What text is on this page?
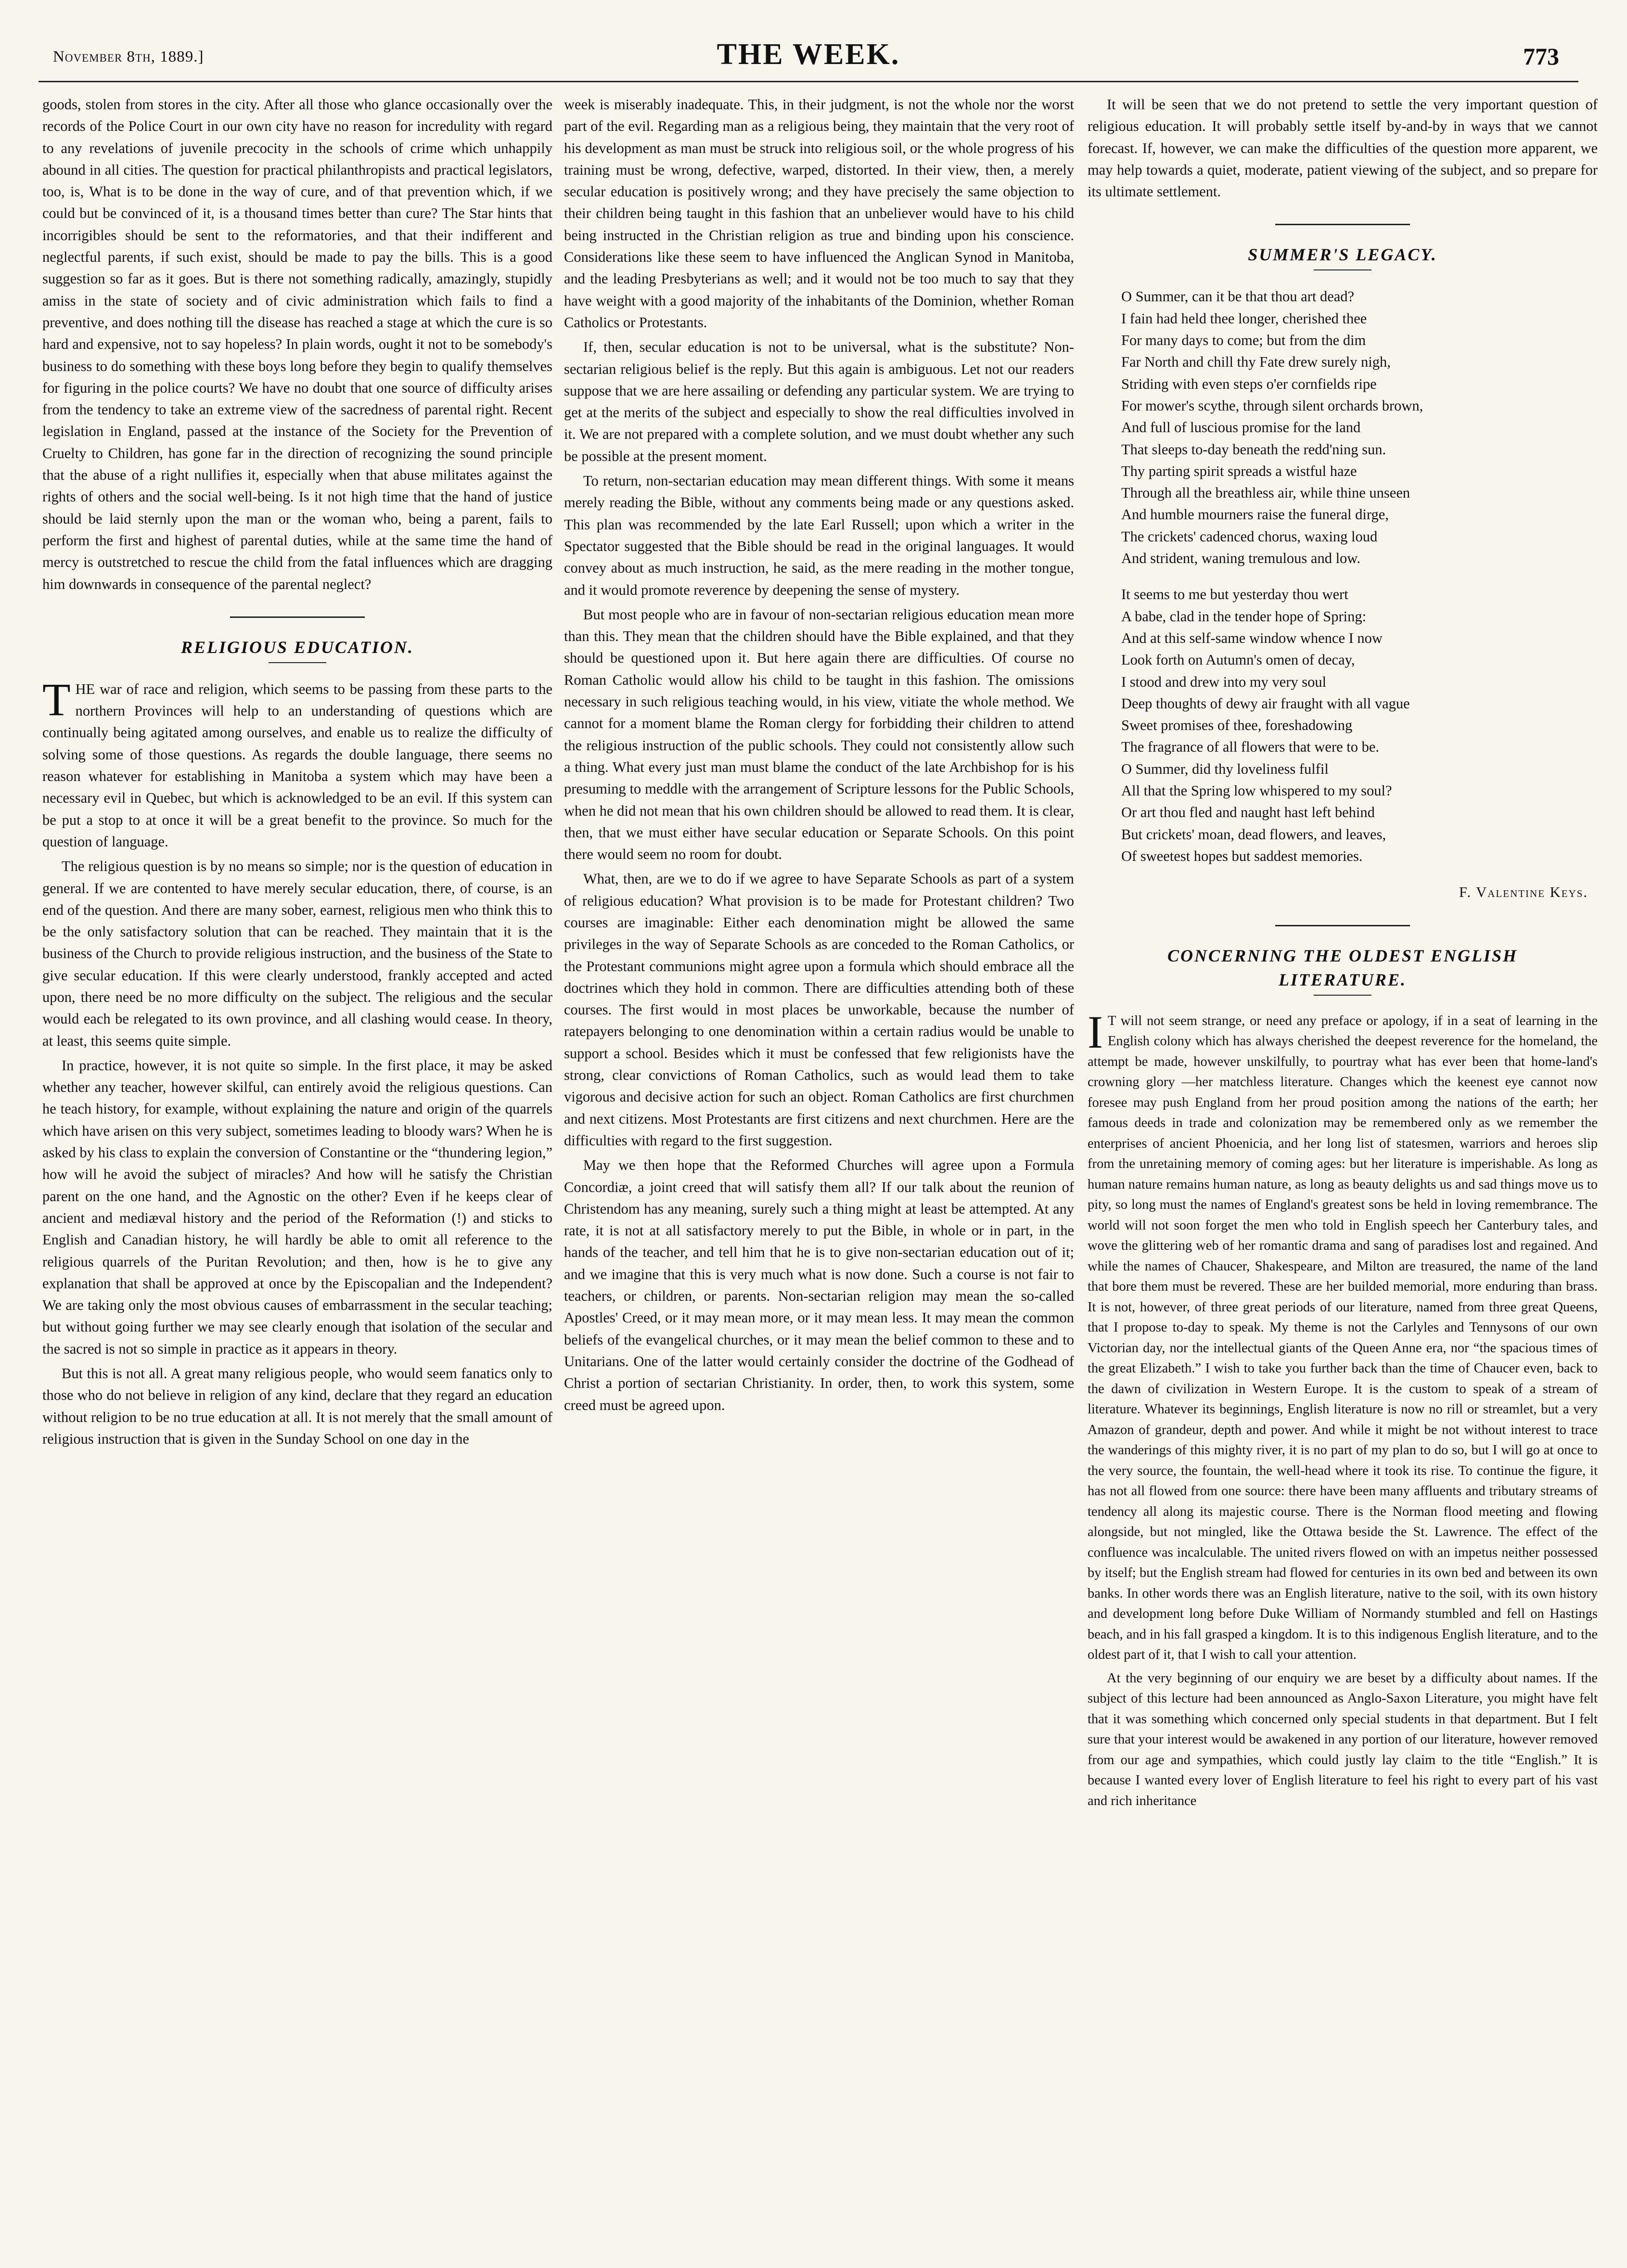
November 8th, 1889.]	THE WEEK.	773

goods, stolen from stores in the city. After all those who glance occasionally over the records of the Police Court in our own city have no reason for incredulity with regard to any revelations of juvenile precocity in the schools of crime which unhappily abound in all cities. The question for practical philanthropists and practical legislators, too, is, What is to be done in the way of cure, and of that prevention which, if we could but be convinced of it, is a thousand times better than cure? The Star hints that incorrigibles should be sent to the reformatories, and that their indifferent and neglectful parents, if such exist, should be made to pay the bills. This is a good suggestion so far as it goes. But is there not something radically, amazingly, stupidly amiss in the state of society and of civic administration which fails to find a preventive, and does nothing till the disease has reached a stage at which the cure is so hard and expensive, not to say hopeless? In plain words, ought it not to be somebody's business to do something with these boys long before they begin to qualify themselves for figuring in the police courts? We have no doubt that one source of difficulty arises from the tendency to take an extreme view of the sacredness of parental right. Recent legislation in England, passed at the instance of the Society for the Prevention of Cruelty to Children, has gone far in the direction of recognizing the sound principle that the abuse of a right nullifies it, especially when that abuse militates against the rights of others and the social well-being. Is it not high time that the hand of justice should be laid sternly upon the man or the woman who, being a parent, fails to perform the first and highest of parental duties, while at the same time the hand of mercy is outstretched to rescue the child from the fatal influences which are dragging him downwards in consequence of the parental neglect?

RELIGIOUS EDUCATION.

THE war of race and religion, which seems to be passing from these parts to the northern Provinces will help to an understanding of questions which are continually being agitated among ourselves, and enable us to realize the difficulty of solving some of those questions. As regards the double language, there seems no reason whatever for establishing in Manitoba a system which may have been a necessary evil in Quebec, but which is acknowledged to be an evil. If this system can be put a stop to at once it will be a great benefit to the province. So much for the question of language.

The religious question is by no means so simple; nor is the question of education in general. If we are contented to have merely secular education, there, of course, is an end of the question. And there are many sober, earnest, religious men who think this to be the only satisfactory solution that can be reached. They maintain that it is the business of the Church to provide religious instruction, and the business of the State to give secular education. If this were clearly understood, frankly accepted and acted upon, there need be no more difficulty on the subject. The religious and the secular would each be relegated to its own province, and all clashing would cease. In theory, at least, this seems quite simple.

In practice, however, it is not quite so simple. In the first place, it may be asked whether any teacher, however skilful, can entirely avoid the religious questions. Can he teach history, for example, without explaining the nature and origin of the quarrels which have arisen on this very subject, sometimes leading to bloody wars? When he is asked by his class to explain the conversion of Constantine or the “thundering legion,” how will he avoid the subject of miracles? And how will he satisfy the Christian parent on the one hand, and the Agnostic on the other? Even if he keeps clear of ancient and mediæval history and the period of the Reformation (!) and sticks to English and Canadian history, he will hardly be able to omit all reference to the religious quarrels of the Puritan Revolution; and then, how is he to give any explanation that shall be approved at once by the Episcopalian and the Independent? We are taking only the most obvious causes of embarrassment in the secular teaching; but without going further we may see clearly enough that isolation of the secular and the sacred is not so simple in practice as it appears in theory.

But this is not all. A great many religious people, who would seem fanatics only to those who do not believe in religion of any kind, declare that they regard an education without religion to be no true education at all. It is not merely that the small amount of religious instruction that is given in the Sunday School on one day in the

week is miserably inadequate. This, in their judgment, is not the whole nor the worst part of the evil. Regarding man as a religious being, they maintain that the very root of his development as man must be struck into religious soil, or the whole progress of his training must be wrong, defective, warped, distorted. In their view, then, a merely secular education is positively wrong; and they have precisely the same objection to their children being taught in this fashion that an unbeliever would have to his child being instructed in the Christian religion as true and binding upon his conscience. Considerations like these seem to have influenced the Anglican Synod in Manitoba, and the leading Presbyterians as well; and it would not be too much to say that they have weight with a good majority of the inhabitants of the Dominion, whether Roman Catholics or Protestants.

If, then, secular education is not to be universal, what is the substitute? Non-sectarian religious belief is the reply. But this again is ambiguous. Let not our readers suppose that we are here assailing or defending any particular system. We are trying to get at the merits of the subject and especially to show the real difficulties involved in it. We are not prepared with a complete solution, and we must doubt whether any such be possible at the present moment.

To return, non-sectarian education may mean different things. With some it means merely reading the Bible, without any comments being made or any questions asked. This plan was recommended by the late Earl Russell; upon which a writer in the Spectator suggested that the Bible should be read in the original languages. It would convey about as much instruction, he said, as the mere reading in the mother tongue, and it would promote reverence by deepening the sense of mystery.

But most people who are in favour of non-sectarian religious education mean more than this. They mean that the children should have the Bible explained, and that they should be questioned upon it. But here again there are difficulties. Of course no Roman Catholic would allow his child to be taught in this fashion. The omissions necessary in such religious teaching would, in his view, vitiate the whole method. We cannot for a moment blame the Roman clergy for forbidding their children to attend the religious instruction of the public schools. They could not consistently allow such a thing. What every just man must blame the conduct of the late Archbishop for is his presuming to meddle with the arrangement of Scripture lessons for the Public Schools, when he did not mean that his own children should be allowed to read them. It is clear, then, that we must either have secular education or Separate Schools. On this point there would seem no room for doubt.

What, then, are we to do if we agree to have Separate Schools as part of a system of religious education? What provision is to be made for Protestant children? Two courses are imaginable: Either each denomination might be allowed the same privileges in the way of Separate Schools as are conceded to the Roman Catholics, or the Protestant communions might agree upon a formula which should embrace all the doctrines which they hold in common. There are difficulties attending both of these courses. The first would in most places be unworkable, because the number of ratepayers belonging to one denomination within a certain radius would be unable to support a school. Besides which it must be confessed that few religionists have the strong, clear convictions of Roman Catholics, such as would lead them to take vigorous and decisive action for such an object. Roman Catholics are first churchmen and next citizens. Most Protestants are first citizens and next churchmen. Here are the difficulties with regard to the first suggestion.

May we then hope that the Reformed Churches will agree upon a Formula Concordiæ, a joint creed that will satisfy them all? If our talk about the reunion of Christendom has any meaning, surely such a thing might at least be attempted. At any rate, it is not at all satisfactory merely to put the Bible, in whole or in part, in the hands of the teacher, and tell him that he is to give non-sectarian education out of it; and we imagine that this is very much what is now done. Such a course is not fair to teachers, or children, or parents. Non-sectarian religion may mean the so-called Apostles' Creed, or it may mean more, or it may mean less. It may mean the common beliefs of the evangelical churches, or it may mean the belief common to these and to Unitarians. One of the latter would certainly consider the doctrine of the Godhead of Christ a portion of sectarian Christianity. In order, then, to work this system, some creed must be agreed upon.

It will be seen that we do not pretend to settle the very important question of religious education. It will probably settle itself by-and-by in ways that we cannot forecast. If, however, we can make the difficulties of the question more apparent, we may help towards a quiet, moderate, patient viewing of the subject, and so prepare for its ultimate settlement.

SUMMER'S LEGACY.
O Summer, can it be that thou art dead?
I fain had held thee longer, cherished thee
For many days to come; but from the dim
Far North and chill thy Fate drew surely nigh,
Striding with even steps o'er cornfields ripe
For mower's scythe, through silent orchards brown,
And full of luscious promise for the land
That sleeps to-day beneath the redd'ning sun.
Thy parting spirit spreads a wistful haze
Through all the breathless air, while thine unseen
And humble mourners raise the funeral dirge,
The crickets' cadenced chorus, waxing loud
And strident, waning tremulous and low.
It seems to me but yesterday thou wert
A babe, clad in the tender hope of Spring:
And at this self-same window whence I now
Look forth on Autumn's omen of decay,
I stood and drew into my very soul
Deep thoughts of dewy air fraught with all vague
Sweet promises of thee, foreshadowing
The fragrance of all flowers that were to be.
O Summer, did thy loveliness fulfil
All that the Spring low whispered to my soul?
Or art thou fled and naught hast left behind
But crickets' moan, dead flowers, and leaves,
Of sweetest hopes but saddest memories.
F. Valentine Keys.
CONCERNING THE OLDEST ENGLISH
LITERATURE.

I T will not seem strange, or need any preface or apology, if in a seat of learning in the English colony which has always cherished the deepest reverence for the homeland, the attempt be made, however unskilfully, to pourtray what has ever been that home-land's crowning glory —her matchless literature. Changes which the keenest eye cannot now foresee may push England from her proud position among the nations of the earth; her famous deeds in trade and colonization may be remembered only as we remember the enterprises of ancient Phoenicia, and her long list of statesmen, warriors and heroes slip from the unretaining memory of coming ages: but her literature is imperishable. As long as human nature remains human nature, as long as beauty delights us and sad things move us to pity, so long must the names of England's greatest sons be held in loving remembrance. The world will not soon forget the men who told in English speech her Canterbury tales, and wove the glittering web of her romantic drama and sang of paradises lost and regained. And while the names of Chaucer, Shakespeare, and Milton are treasured, the name of the land that bore them must be revered. These are her builded memorial, more enduring than brass. It is not, however, of three great periods of our literature, named from three great Queens, that I propose to-day to speak. My theme is not the Carlyles and Tennysons of our own Victorian day, nor the intellectual giants of the Queen Anne era, nor “the spacious times of the great Elizabeth.” I wish to take you further back than the time of Chaucer even, back to the dawn of civilization in Western Europe. It is the custom to speak of a stream of literature. Whatever its beginnings, English literature is now no rill or streamlet, but a very Amazon of grandeur, depth and power. And while it might be not without interest to trace the wanderings of this mighty river, it is no part of my plan to do so, but I will go at once to the very source, the fountain, the well-head where it took its rise. To continue the figure, it has not all flowed from one source: there have been many affluents and tributary streams of tendency all along its majestic course. There is the Norman flood meeting and flowing alongside, but not mingled, like the Ottawa beside the St. Lawrence. The effect of the confluence was incalculable. The united rivers flowed on with an impetus neither possessed by itself; but the English stream had flowed for centuries in its own bed and between its own banks. In other words there was an English literature, native to the soil, with its own history and development long before Duke William of Normandy stumbled and fell on Hastings beach, and in his fall grasped a kingdom. It is to this indigenous English literature, and to the oldest part of it, that I wish to call your attention.

At the very beginning of our enquiry we are beset by a difficulty about names. If the subject of this lecture had been announced as Anglo-Saxon Literature, you might have felt that it was something which concerned only special students in that department. But I felt sure that your interest would be awakened in any portion of our literature, however removed from our age and sympathies, which could justly lay claim to the title “English.” It is because I wanted every lover of English literature to feel his right to every part of his vast and rich inheritance
